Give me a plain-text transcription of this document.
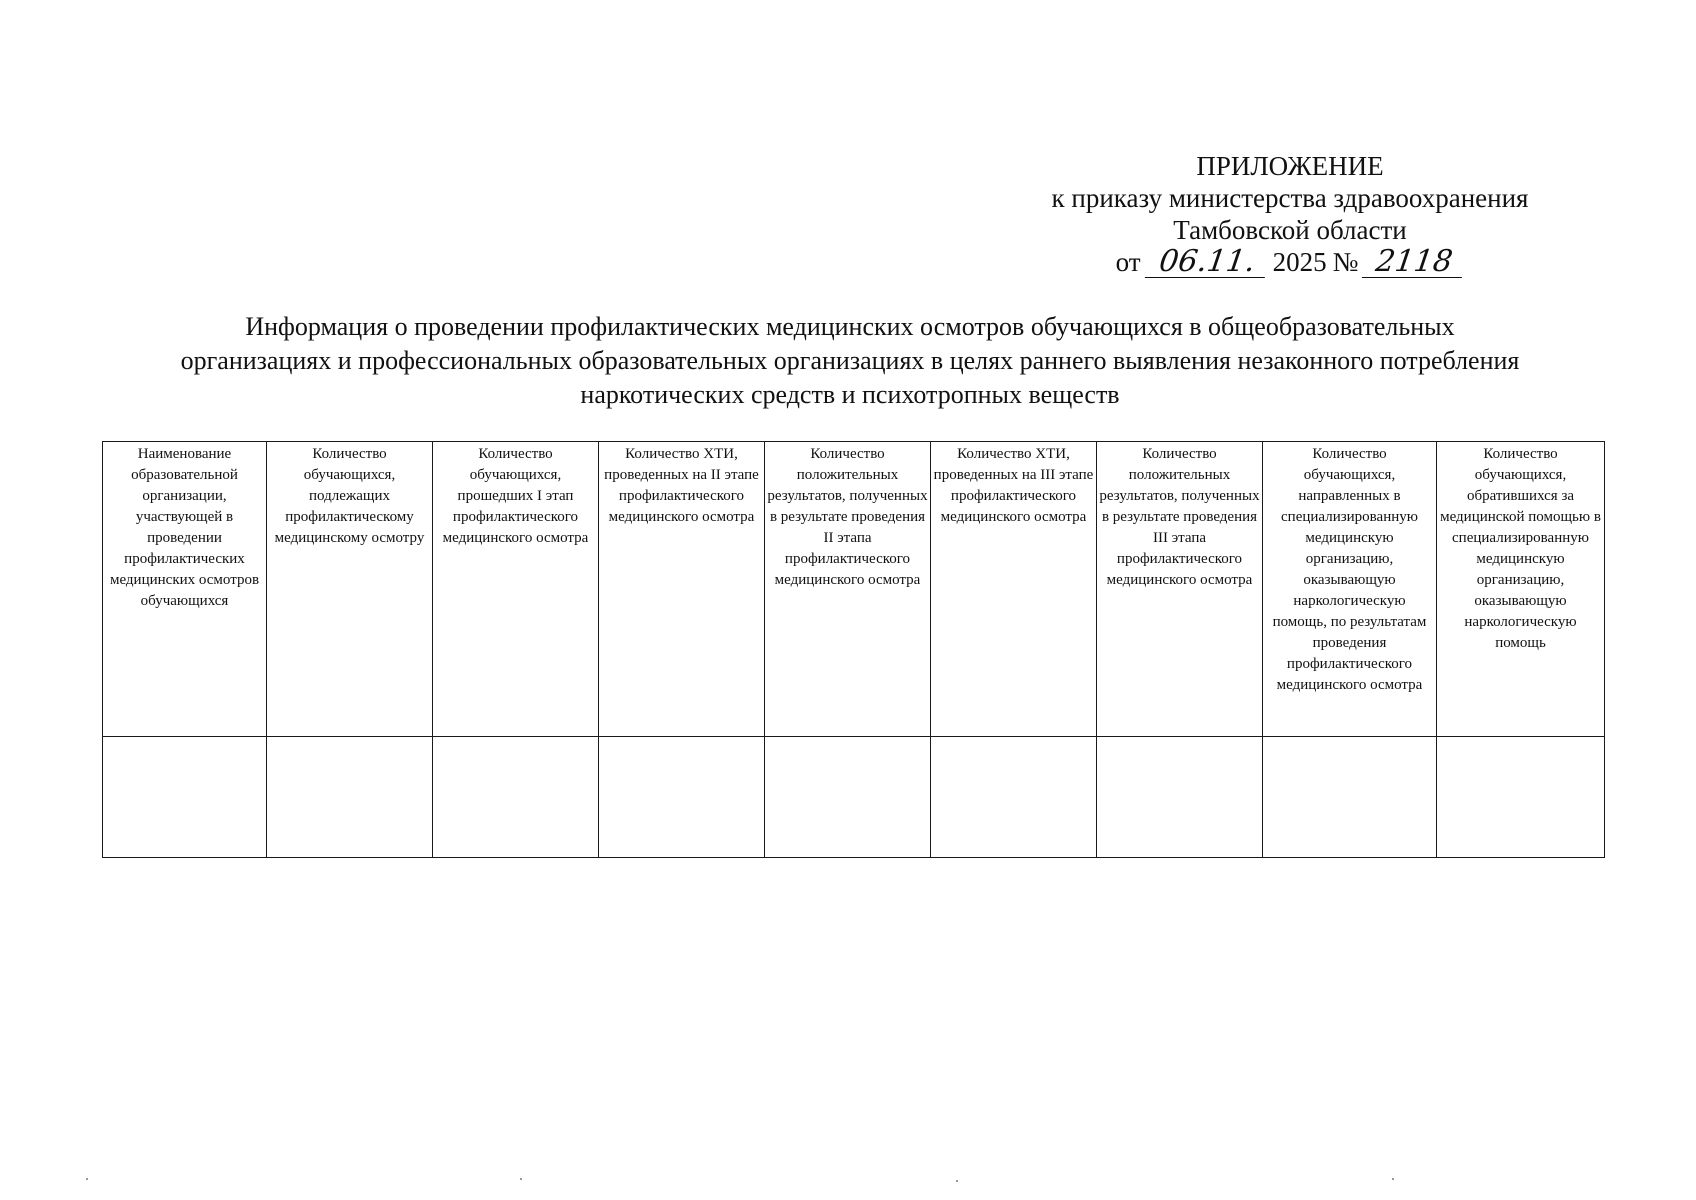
ПРИЛОЖЕНИЕ
к приказу министерства здравоохранения
Тамбовской области
от 06.11. 2025 № 2118
Информация о проведении профилактических медицинских осмотров обучающихся в общеобразовательных
организациях и профессиональных образовательных организациях в целях раннего выявления незаконного потребления
наркотических средств и психотропных веществ
Наименование образовательной организации, участвующей в проведении профилактических медицинских осмотров обучающихся	Количество обучающихся, подлежащих профилактическому медицинскому осмотру	Количество обучающихся, прошедших I этап профилактического медицинского осмотра	Количество ХТИ, проведенных на II этапе профилактического медицинского осмотра	Количество положительных результатов, полученных в результате проведения II этапа профилактического медицинского осмотра	Количество ХТИ, проведенных на III этапе профилактического медицинского осмотра	Количество положительных результатов, полученных в результате проведения III этапа профилактического медицинского осмотра	Количество обучающихся, направленных в специализированную медицинскую организацию, оказывающую наркологическую помощь, по результатам проведения профилактического медицинского осмотра	Количество обучающихся, обратившихся за медицинской помощью в специализированную медицинскую организацию, оказывающую наркологическую помощь
